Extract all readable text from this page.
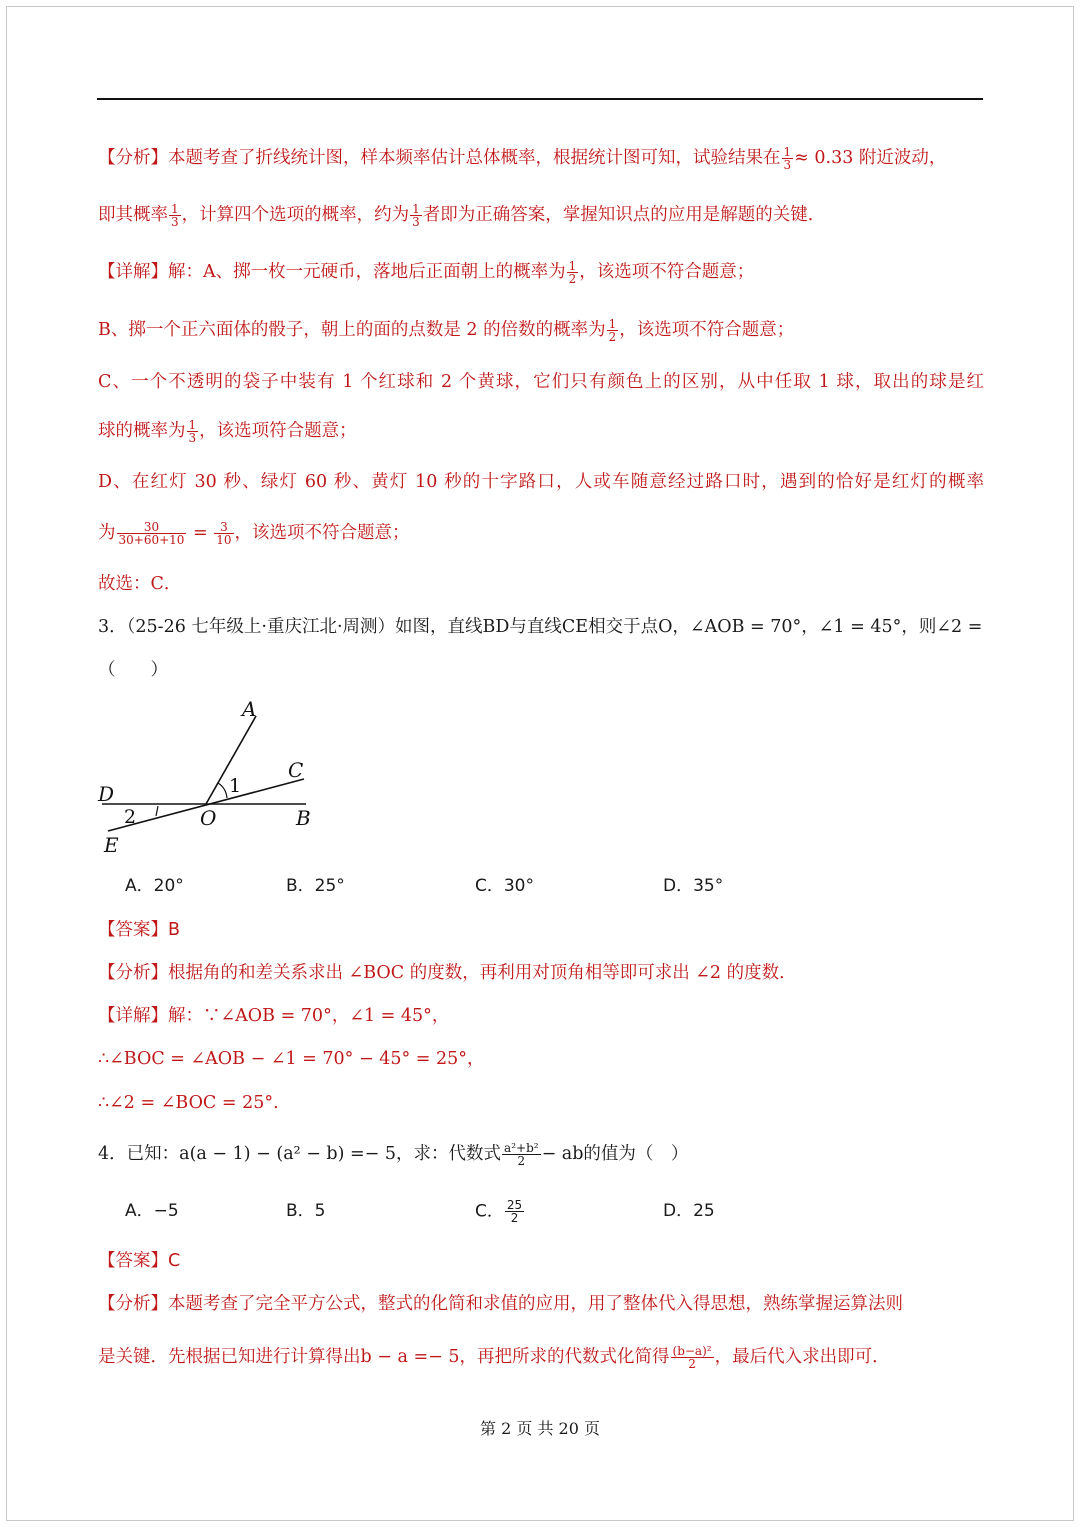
【分析】本题考查了折线统计图，样本频率估计总体概率，根据统计图可知，试验结果在 $\frac{1}{3} \approx 0.33$ 附近波动，
即其概率 $\frac{1}{3}$ ，计算四个选项的概率，约为 $\frac{1}{3}$ 者即为正确答案，掌握知识点的应用是解题的关键．
【详解】解：A、掷一枚一元硬币，落地后正面朝上的概率为 $\frac{1}{2}$ ，该选项不符合题意；
B、掷一个正六面体的骰子，朝上的面的点数是 2 的倍数的概率为 $\frac{1}{2}$ ，该选项不符合题意；
C、一个不透明的袋子中装有 1 个红球和 2 个黄球，它们只有颜色上的区别，从中任取 1 球，取出的球是红
球的概率为 $\frac{1}{3}$ ，该选项符合题意；
D、在红灯 30 秒、绿灯 60 秒、黄灯 10 秒的十字路口，人或车随意经过路口时，遇到的恰好是红灯的概率
为 $\frac{30}{30+60+10} = \frac{3}{10}$ ，该选项不符合题意；
故选：C．
3．（25-26 七年级上·重庆江北·周测）如图，直线BD与直线CE相交于点O，∠AOB = 70°，∠1 = 45°，则∠2 =
（　　）
A
C
D
B
O
E
1
2
A．20°	B．25°	C．30°	D．35°
【答案】B
【分析】根据角的和差关系求出 ∠BOC 的度数，再利用对顶角相等即可求出 ∠2 的度数．
【详解】解：∵∠AOB = 70°，∠1 = 45°，
∴∠BOC = ∠AOB − ∠1 = 70° − 45° = 25°，
∴∠2 = ∠BOC = 25°.
4．已知：a(a − 1) − (a² − b) =− 5，求：代数式 $\frac{\text{a²+b²}}{2}$ − ab的值为（　）
A．−5	B．5	C． $\frac{25}{2}$	D．25
【答案】C
【分析】本题考查了完全平方公式，整式的化简和求值的应用，用了整体代入得思想，熟练掌握运算法则
是关键．先根据已知进行计算得出b − a =− 5，再把所求的代数式化简得 $\frac{\text{(b−a)²}}{2}$ ，最后代入求出即可．
第 2 页 共 20 页
